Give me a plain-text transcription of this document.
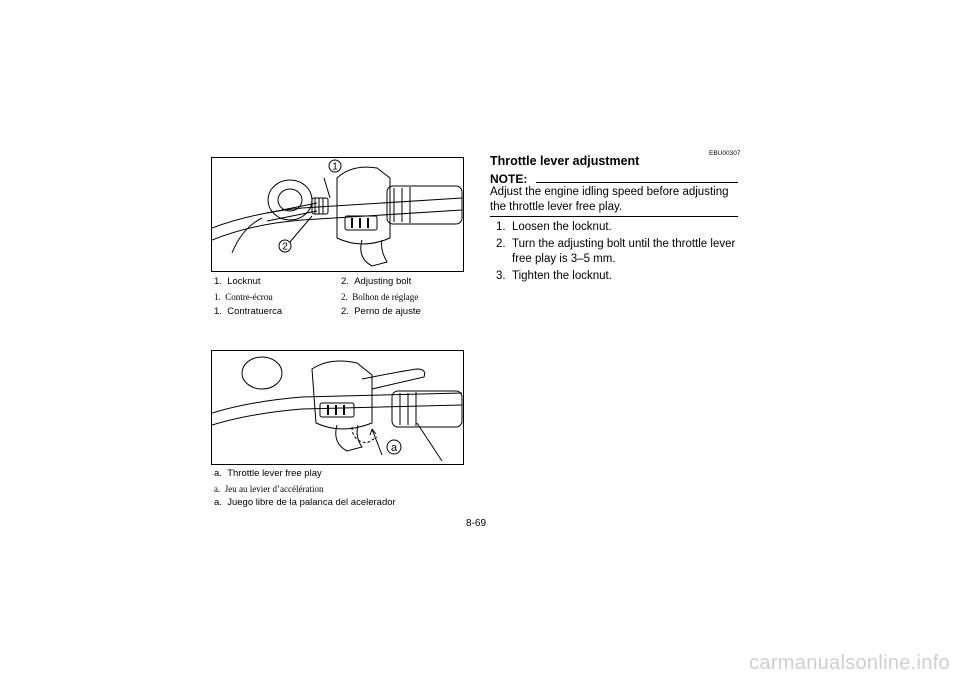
1
2
1. Locknut	2. Adjusting bolt
1. Contre-écrou	2. Bolhon de réglage
1. Contratuerca	2. Perno de ajuste
a
a. Throttle lever free play
a. Jeu au levier d’accélération
a. Juego libre de la palanca del acelerador
EBU00307
Throttle lever adjustment
NOTE:
Adjust the engine idling speed before adjusting the throttle lever free play.
1. Loosen the locknut.
2. Turn the adjusting bolt until the throttle lever free play is 3–5 mm.
3. Tighten the locknut.
8-69
carmanualsonline.info
